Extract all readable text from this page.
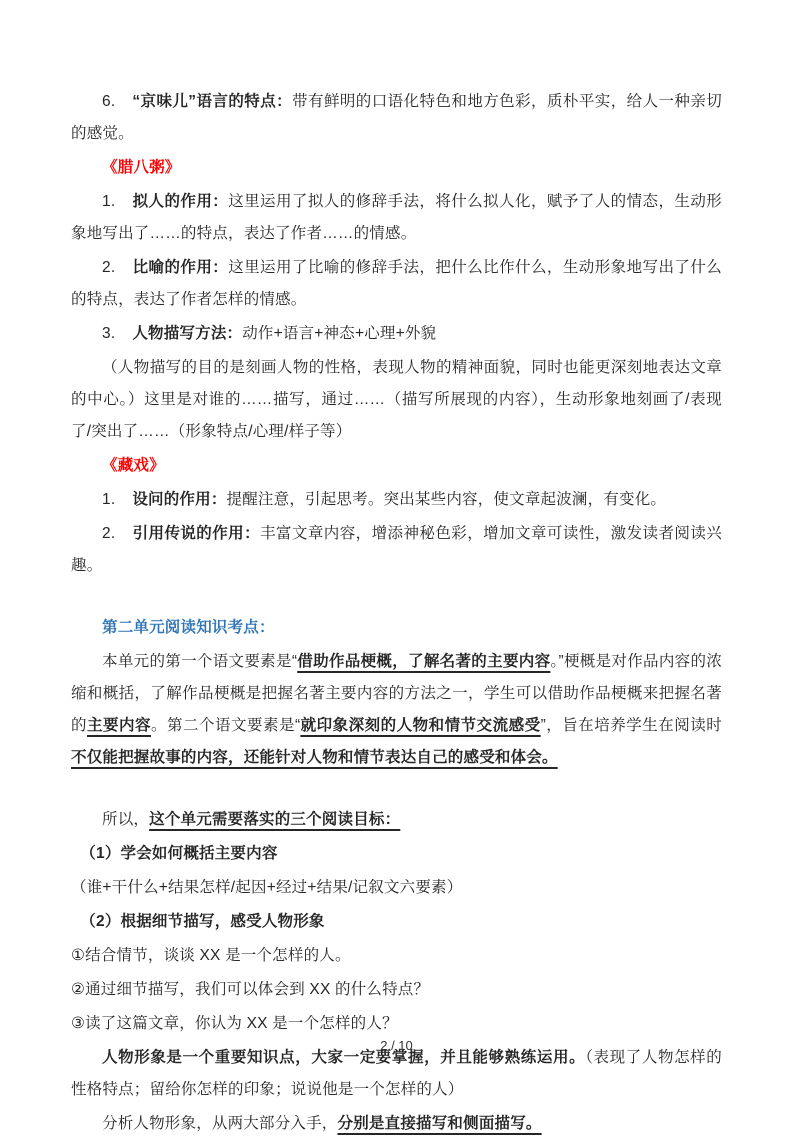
6. “京味儿”语言的特点：带有鲜明的口语化特色和地方色彩，质朴平实，给人一种亲切的感觉。

《腊八粥》

1. 拟人的作用：这里运用了拟人的修辞手法，将什么拟人化，赋予了人的情态，生动形象地写出了……的特点，表达了作者……的情感。

2. 比喻的作用：这里运用了比喻的修辞手法，把什么比作什么，生动形象地写出了什么的特点，表达了作者怎样的情感。

3. 人物描写方法：动作+语言+神态+心理+外貌

（人物描写的目的是刻画人物的性格，表现人物的精神面貌，同时也能更深刻地表达文章的中心。）这里是对谁的……描写，通过……（描写所展现的内容），生动形象地刻画了/表现了/突出了……（形象特点/心理/样子等）

《藏戏》

1. 设问的作用：提醒注意，引起思考。突出某些内容，使文章起波澜，有变化。

2. 引用传说的作用：丰富文章内容，增添神秘色彩，增加文章可读性，激发读者阅读兴趣。

第二单元阅读知识考点：

本单元的第一个语文要素是“借助作品梗概，了解名著的主要内容。”梗概是对作品内容的浓缩和概括，了解作品梗概是把握名著主要内容的方法之一，学生可以借助作品梗概来把握名著的主要内容。第二个语文要素是“就印象深刻的人物和情节交流感受”，旨在培养学生在阅读时不仅能把握故事的内容，还能针对人物和情节表达自己的感受和体会。

所以，这个单元需要落实的三个阅读目标：

（1）学会如何概括主要内容

（谁+干什么+结果怎样/起因+经过+结果/记叙文六要素）

（2）根据细节描写，感受人物形象

①结合情节，谈谈 XX 是一个怎样的人。

②通过细节描写，我们可以体会到 XX 的什么特点？

③读了这篇文章，你认为 XX 是一个怎样的人？

人物形象是一个重要知识点，大家一定要掌握，并且能够熟练运用。（表现了人物怎样的性格特点；留给你怎样的印象；说说他是一个怎样的人）

分析人物形象，从两大部分入手，分别是直接描写和侧面描写。

2 / 10
